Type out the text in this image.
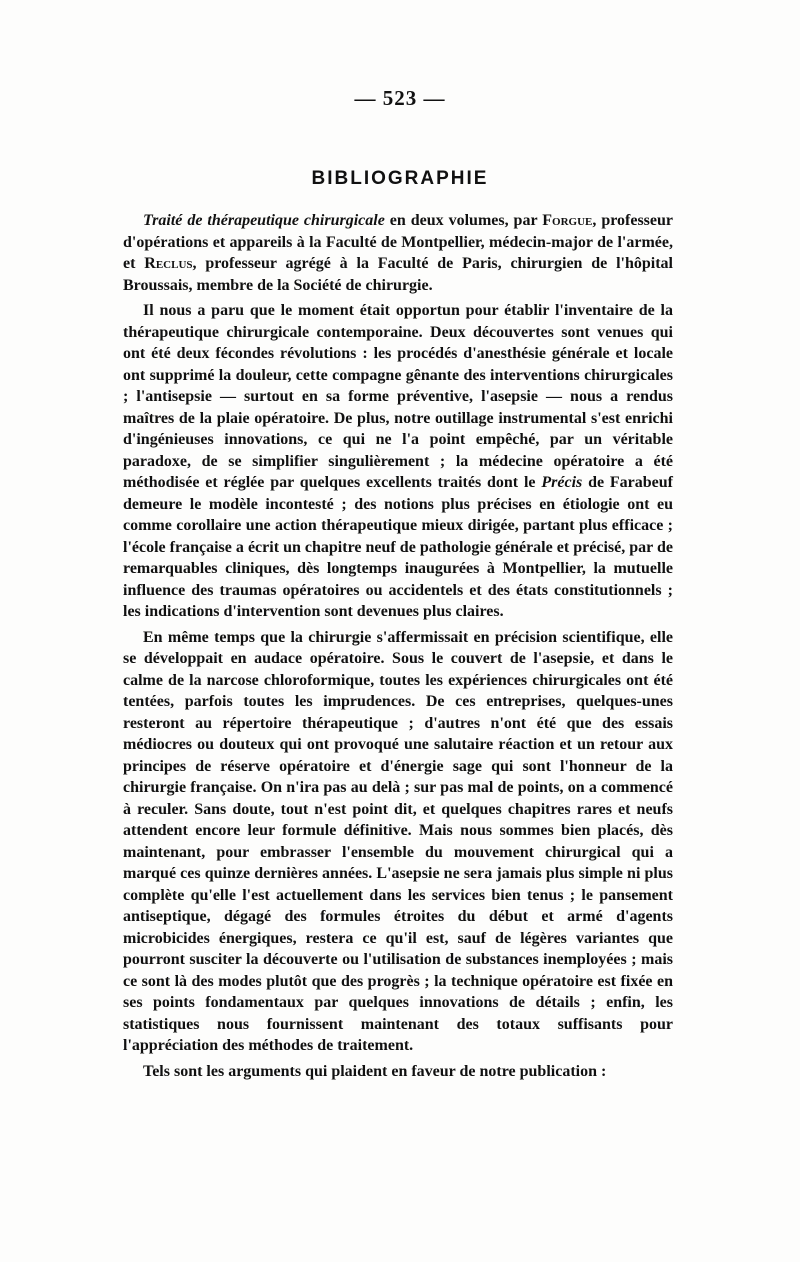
— 523 —
BIBLIOGRAPHIE

Traité de thérapeutique chirurgicale en deux volumes, par Forgue, professeur d'opérations et appareils à la Faculté de Montpellier, médecin-major de l'armée, et Reclus, professeur agrégé à la Faculté de Paris, chirurgien de l'hôpital Broussais, membre de la Société de chirurgie.

Il nous a paru que le moment était opportun pour établir l'inventaire de la thérapeutique chirurgicale contemporaine. Deux découvertes sont venues qui ont été deux fécondes révolutions : les procédés d'anesthésie générale et locale ont supprimé la douleur, cette compagne gênante des interventions chirurgicales ; l'antisepsie — surtout en sa forme préventive, l'asepsie — nous a rendus maîtres de la plaie opératoire. De plus, notre outillage instrumental s'est enrichi d'ingénieuses innovations, ce qui ne l'a point empêché, par un véritable paradoxe, de se simplifier singulièrement ; la médecine opératoire a été méthodisée et réglée par quelques excellents traités dont le Précis de Farabeuf demeure le modèle incontesté ; des notions plus précises en étiologie ont eu comme corollaire une action thérapeutique mieux dirigée, partant plus efficace ; l'école française a écrit un chapitre neuf de pathologie générale et précisé, par de remarquables cliniques, dès longtemps inaugurées à Montpellier, la mutuelle influence des traumas opératoires ou accidentels et des états constitutionnels ; les indications d'intervention sont devenues plus claires.

En même temps que la chirurgie s'affermissait en précision scientifique, elle se développait en audace opératoire. Sous le couvert de l'asepsie, et dans le calme de la narcose chloroformique, toutes les expériences chirurgicales ont été tentées, parfois toutes les imprudences. De ces entreprises, quelques-unes resteront au répertoire thérapeutique ; d'autres n'ont été que des essais médiocres ou douteux qui ont provoqué une salutaire réaction et un retour aux principes de réserve opératoire et d'énergie sage qui sont l'honneur de la chirurgie française. On n'ira pas au delà ; sur pas mal de points, on a commencé à reculer. Sans doute, tout n'est point dit, et quelques chapitres rares et neufs attendent encore leur formule définitive. Mais nous sommes bien placés, dès maintenant, pour embrasser l'ensemble du mouvement chirurgical qui a marqué ces quinze dernières années. L'asepsie ne sera jamais plus simple ni plus complète qu'elle l'est actuellement dans les services bien tenus ; le pansement antiseptique, dégagé des formules étroites du début et armé d'agents microbicides énergiques, restera ce qu'il est, sauf de légères variantes que pourront susciter la découverte ou l'utilisation de substances inemployées ; mais ce sont là des modes plutôt que des progrès ; la technique opératoire est fixée en ses points fondamentaux par quelques innovations de détails ; enfin, les statistiques nous fournissent maintenant des totaux suffisants pour l'appréciation des méthodes de traitement.

Tels sont les arguments qui plaident en faveur de notre publication :
